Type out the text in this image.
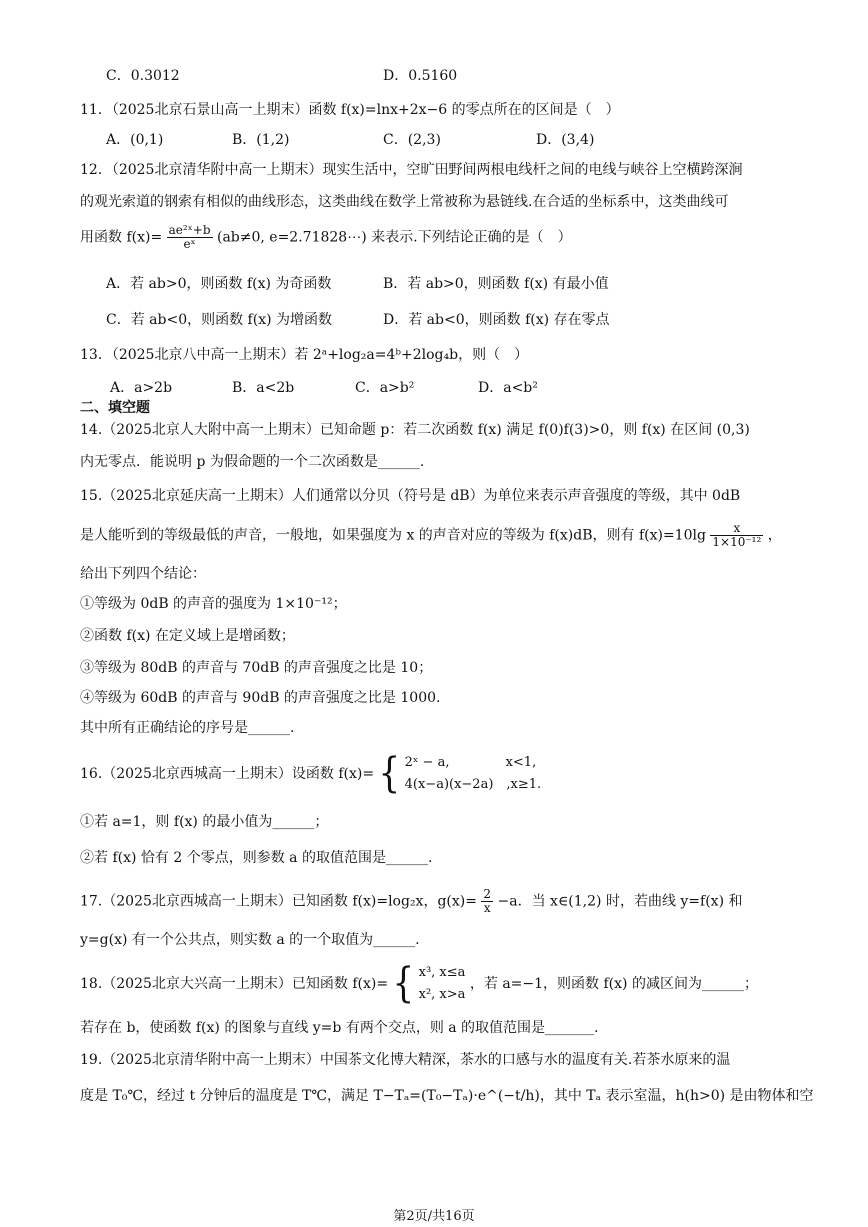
C．0.3012	D．0.5160
11．（2025北京石景山高一上期末）函数 f(x)=lnx+2x−6 的零点所在的区间是（　）
A．(0,1)	B．(1,2)	C．(2,3)	D．(3,4)
12．（2025北京清华附中高一上期末）现实生活中，空旷田野间两根电线杆之间的电线与峡谷上空横跨深涧
的观光索道的钢索有相似的曲线形态，这类曲线在数学上常被称为悬链线.在合适的坐标系中，这类曲线可
用函数 $f(x)= \frac{\text{ae²ˣ+b}}{\text{eˣ}} (ab\ne 0$, e=2.71828⋯) 来表示.下列结论正确的是（　）
A．若 ab>0，则函数 f(x) 为奇函数	B．若 ab>0，则函数 f(x) 有最小值
C．若 ab<0，则函数 f(x) 为增函数	D．若 ab<0，则函数 f(x) 存在零点
13．（2025北京八中高一上期末）若 2ᵃ+log₂a=4ᵇ+2log₄b，则（　）
A．a>2b	B．a<2b	C．a>b²	D．a<b²
二、填空题
14.（2025北京人大附中高一上期末）已知命题 p：若二次函数 f(x) 满足 f(0)f(3)>0，则 f(x) 在区间 (0,3)
内无零点．能说明 p 为假命题的一个二次函数是______.
15.（2025北京延庆高一上期末）人们通常以分贝（符号是 dB）为单位来表示声音强度的等级，其中 0dB
是人能听到的等级最低的声音，一般地，如果强度为 x 的声音对应的等级为 f(x)dB，则有 $f(x)=10\lg \frac{x}{\text{1×10⁻¹²}}$ ，
给出下列四个结论：
①等级为 0dB 的声音的强度为 1×10⁻¹²；
②函数 f(x) 在定义域上是增函数；
③等级为 80dB 的声音与 70dB 的声音强度之比是 10；
④等级为 60dB 的声音与 90dB 的声音强度之比是 1000.
其中所有正确结论的序号是______.
16.（2025北京西城高一上期末）设函数 f(x)= { 2ˣ − a,　　　　 x<1,
4(x−a)(x−2a)　,x≥1.
①若 a=1，则 f(x) 的最小值为______；
②若 f(x) 恰有 2 个零点，则参数 a 的取值范围是______.
17.（2025北京西城高一上期末）已知函数 f(x)=log₂x，$g(x)= \frac{2}{x} -a$．当 x∈(1,2) 时，若曲线 y=f(x) 和
y=g(x) 有一个公共点，则实数 a 的一个取值为______.
18.（2025北京大兴高一上期末）已知函数 f(x)= { x³, x≤a
x², x>a
，若 a=−1，则函数 f(x) 的减区间为______；
若存在 b，使函数 f(x) 的图象与直线 y=b 有两个交点，则 a 的取值范围是_______.
19.（2025北京清华附中高一上期末）中国茶文化博大精深，茶水的口感与水的温度有关.若茶水原来的温
度是 T₀℃，经过 t 分钟后的温度是 T℃，满足 T−Tₐ=(T₀−Tₐ)·e^(−t/h)，其中 Tₐ 表示室温，h(h>0) 是由物体和空
第2页/共16页
